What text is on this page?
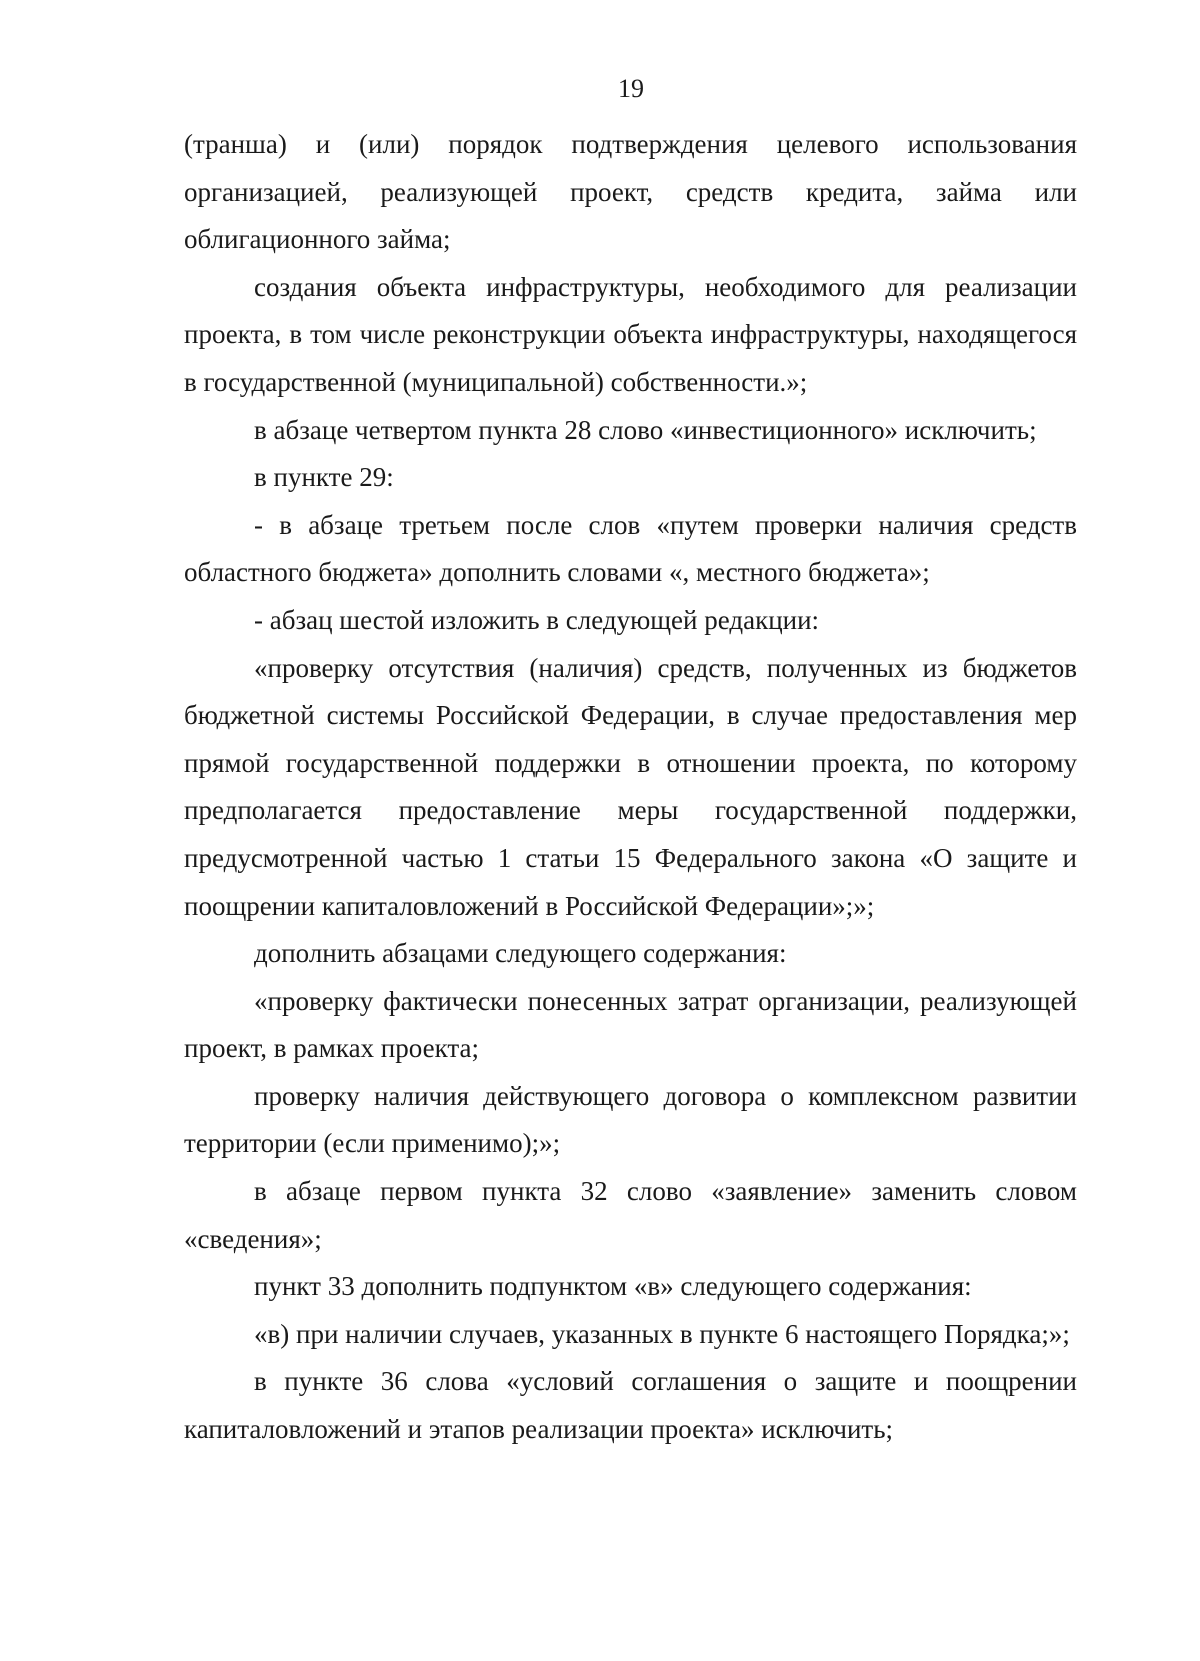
19

(транша) и (или) порядок подтверждения целевого использования организацией, реализующей проект, средств кредита, займа или облигационного займа;

создания объекта инфраструктуры, необходимого для реализации проекта, в том числе реконструкции объекта инфраструктуры, находящегося в государственной (муниципальной) собственности.»;

в абзаце четвертом пункта 28 слово «инвестиционного» исключить;

в пункте 29:

- в абзаце третьем после слов «путем проверки наличия средств областного бюджета» дополнить словами «, местного бюджета»;

- абзац шестой изложить в следующей редакции:

«проверку отсутствия (наличия) средств, полученных из бюджетов бюджетной системы Российской Федерации, в случае предоставления мер прямой государственной поддержки в отношении проекта, по которому предполагается предоставление меры государственной поддержки, предусмотренной частью 1 статьи 15 Федерального закона «О защите и поощрении капиталовложений в Российской Федерации»;»;

дополнить абзацами следующего содержания:

«проверку фактически понесенных затрат организации, реализующей проект, в рамках проекта;

проверку наличия действующего договора о комплексном развитии территории (если применимо);»;

в абзаце первом пункта 32 слово «заявление» заменить словом «сведения»;

пункт 33 дополнить подпунктом «в» следующего содержания:

«в) при наличии случаев, указанных в пункте 6 настоящего Порядка;»;

в пункте 36 слова «условий соглашения о защите и поощрении капиталовложений и этапов реализации проекта» исключить;
